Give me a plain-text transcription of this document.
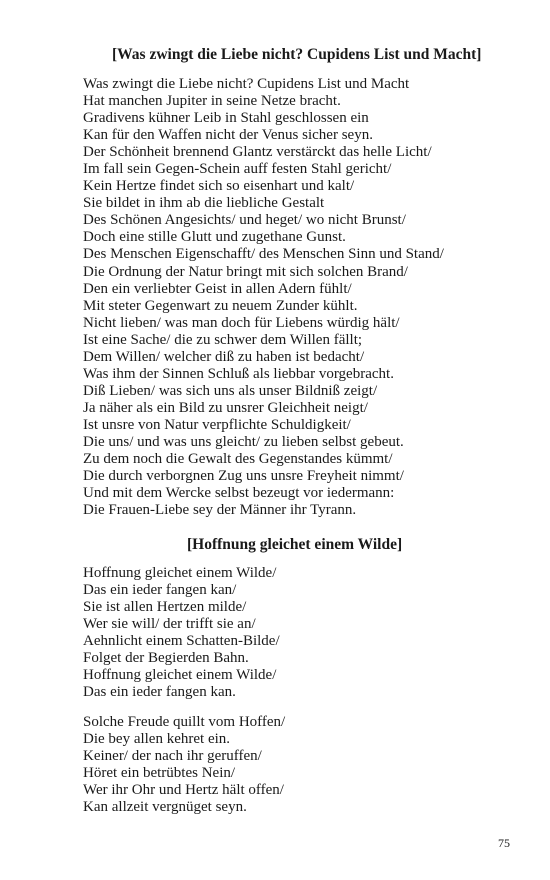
[Was zwingt die Liebe nicht? Cupidens List und Macht]
Was zwingt die Liebe nicht? Cupidens List und Macht
Hat manchen Jupiter in seine Netze bracht.
Gradivens kühner Leib in Stahl geschlossen ein
Kan für den Waffen nicht der Venus sicher seyn.
Der Schönheit brennend Glantz verstärckt das helle Licht/
Im fall sein Gegen-Schein auff festen Stahl gericht/
Kein Hertze findet sich so eisenhart und kalt/
Sie bildet in ihm ab die liebliche Gestalt
Des Schönen Angesichts/ und heget/ wo nicht Brunst/
Doch eine stille Glutt und zugethane Gunst.
Des Menschen Eigenschafft/ des Menschen Sinn und Stand/
Die Ordnung der Natur bringt mit sich solchen Brand/
Den ein verliebter Geist in allen Adern fühlt/
Mit steter Gegenwart zu neuem Zunder kühlt.
Nicht lieben/ was man doch für Liebens würdig hält/
Ist eine Sache/ die zu schwer dem Willen fällt;
Dem Willen/ welcher diß zu haben ist bedacht/
Was ihm der Sinnen Schluß als liebbar vorgebracht.
Diß Lieben/ was sich uns als unser Bildniß zeigt/
Ja näher als ein Bild zu unsrer Gleichheit neigt/
Ist unsre von Natur verpflichte Schuldigkeit/
Die uns/ und was uns gleicht/ zu lieben selbst gebeut.
Zu dem noch die Gewalt des Gegenstandes kümmt/
Die durch verborgnen Zug uns unsre Freyheit nimmt/
Und mit dem Wercke selbst bezeugt vor iedermann:
Die Frauen-Liebe sey der Männer ihr Tyrann.
[Hoffnung gleichet einem Wilde]
Hoffnung gleichet einem Wilde/
Das ein ieder fangen kan/
Sie ist allen Hertzen milde/
Wer sie will/ der trifft sie an/
Aehnlicht einem Schatten-Bilde/
Folget der Begierden Bahn.
Hoffnung gleichet einem Wilde/
Das ein ieder fangen kan.
Solche Freude quillt vom Hoffen/
Die bey allen kehret ein.
Keiner/ der nach ihr geruffen/
Höret ein betrübtes Nein/
Wer ihr Ohr und Hertz hält offen/
Kan allzeit vergnüget seyn.
75
